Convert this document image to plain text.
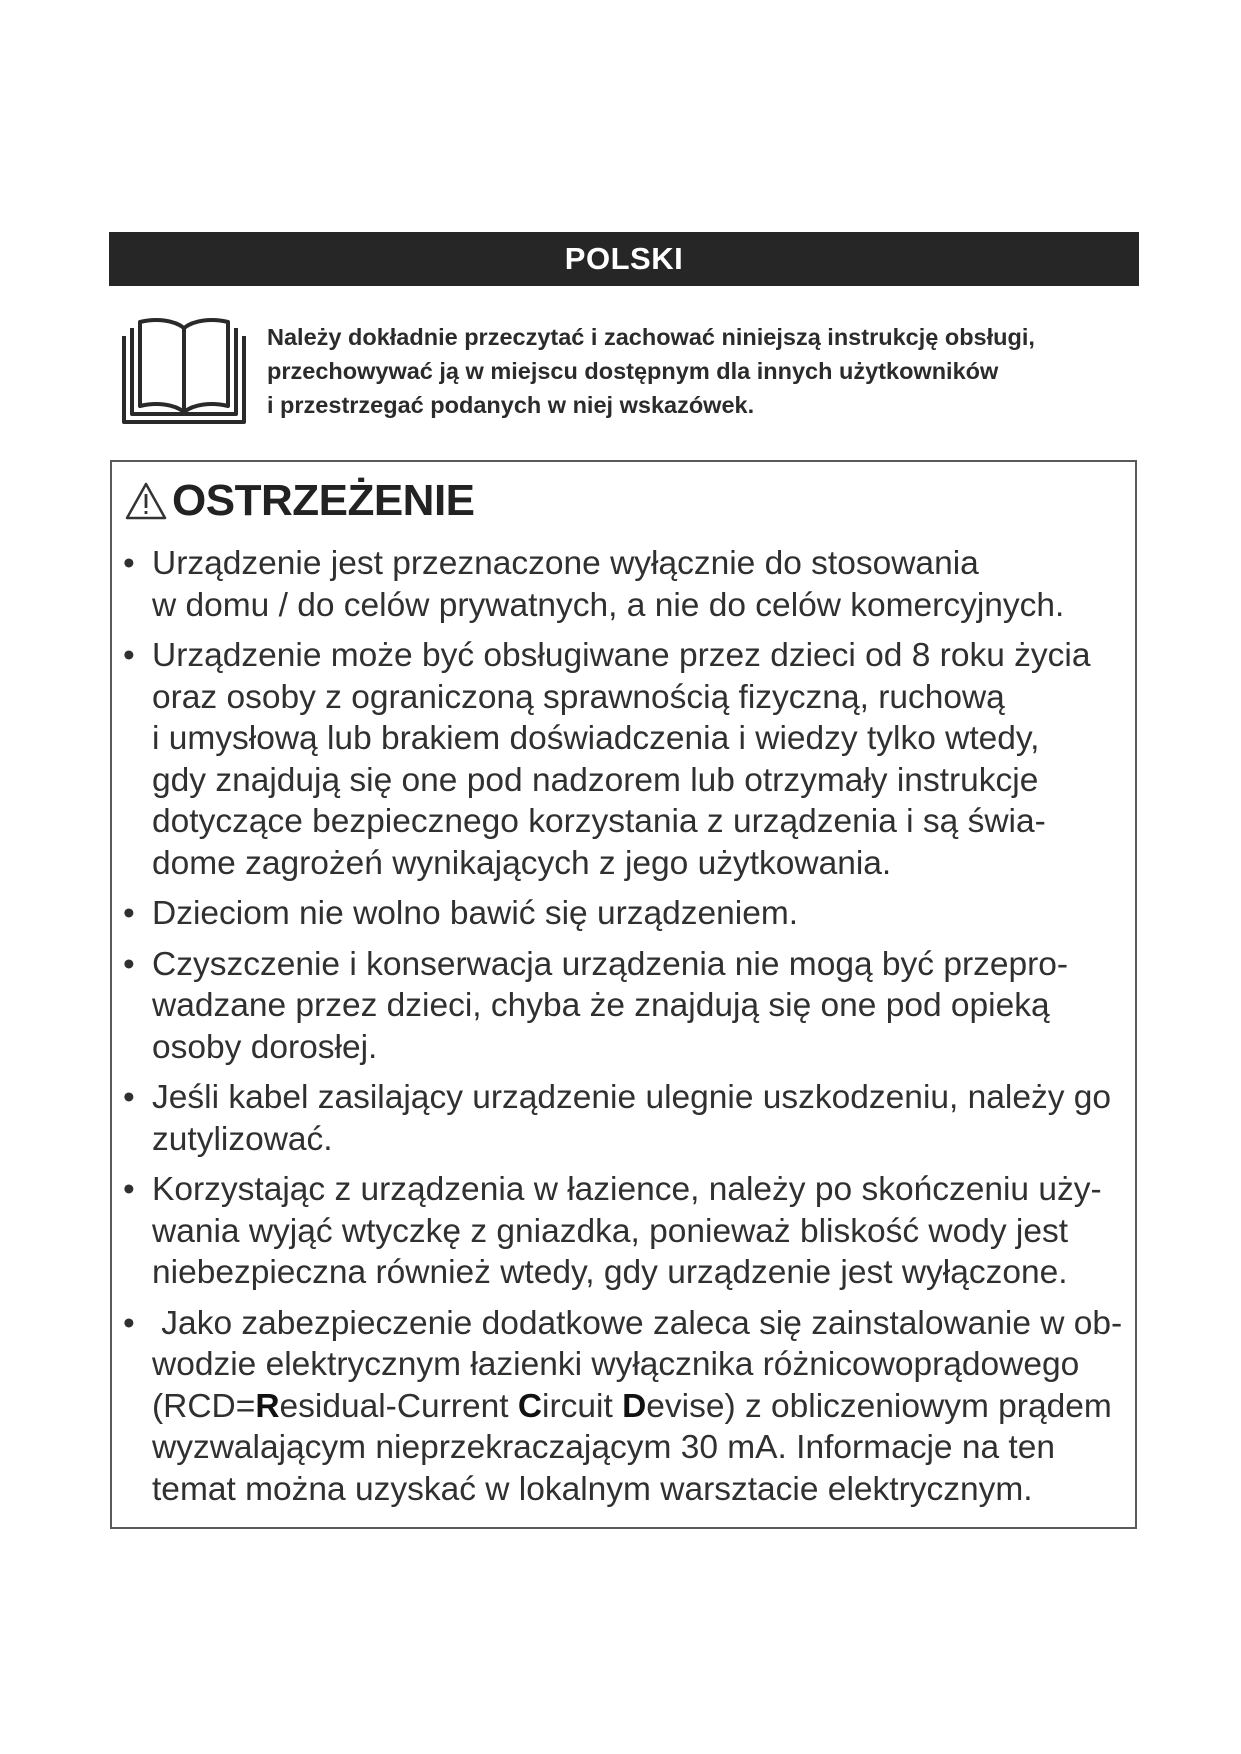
POLSKI
Należy dokładnie przeczytać i zachować niniejszą instrukcję obsługi,
przechowywać ją w miejscu dostępnym dla innych użytkowników
i przestrzegać podanych w niej wskazówek.
OSTRZEŻENIE
• Urządzenie jest przeznaczone wyłącznie do stosowania
w domu / do celów prywatnych, a nie do celów komercyjnych.
• Urządzenie może być obsługiwane przez dzieci od 8 roku życia
oraz osoby z ograniczoną sprawnością fizyczną, ruchową
i umysłową lub brakiem doświadczenia i wiedzy tylko wtedy,
gdy znajdują się one pod nadzorem lub otrzymały instrukcje
dotyczące bezpiecznego korzystania z urządzenia i są świa-
dome zagrożeń wynikających z jego użytkowania.
• Dzieciom nie wolno bawić się urządzeniem.
• Czyszczenie i konserwacja urządzenia nie mogą być przepro-
wadzane przez dzieci, chyba że znajdują się one pod opieką
osoby dorosłej.
• Jeśli kabel zasilający urządzenie ulegnie uszkodzeniu, należy go
zutylizować.
• Korzystając z urządzenia w łazience, należy po skończeniu uży-
wania wyjąć wtyczkę z gniazdka, ponieważ bliskość wody jest
niebezpieczna również wtedy, gdy urządzenie jest wyłączone.
• Jako zabezpieczenie dodatkowe zaleca się zainstalowanie w ob-
wodzie elektrycznym łazienki wyłącznika różnicowoprądowego
(RCD=Residual-Current Circuit Devise) z obliczeniowym prądem
wyzwalającym nieprzekraczającym 30 mA. Informacje na ten
temat można uzyskać w lokalnym warsztacie elektrycznym.
